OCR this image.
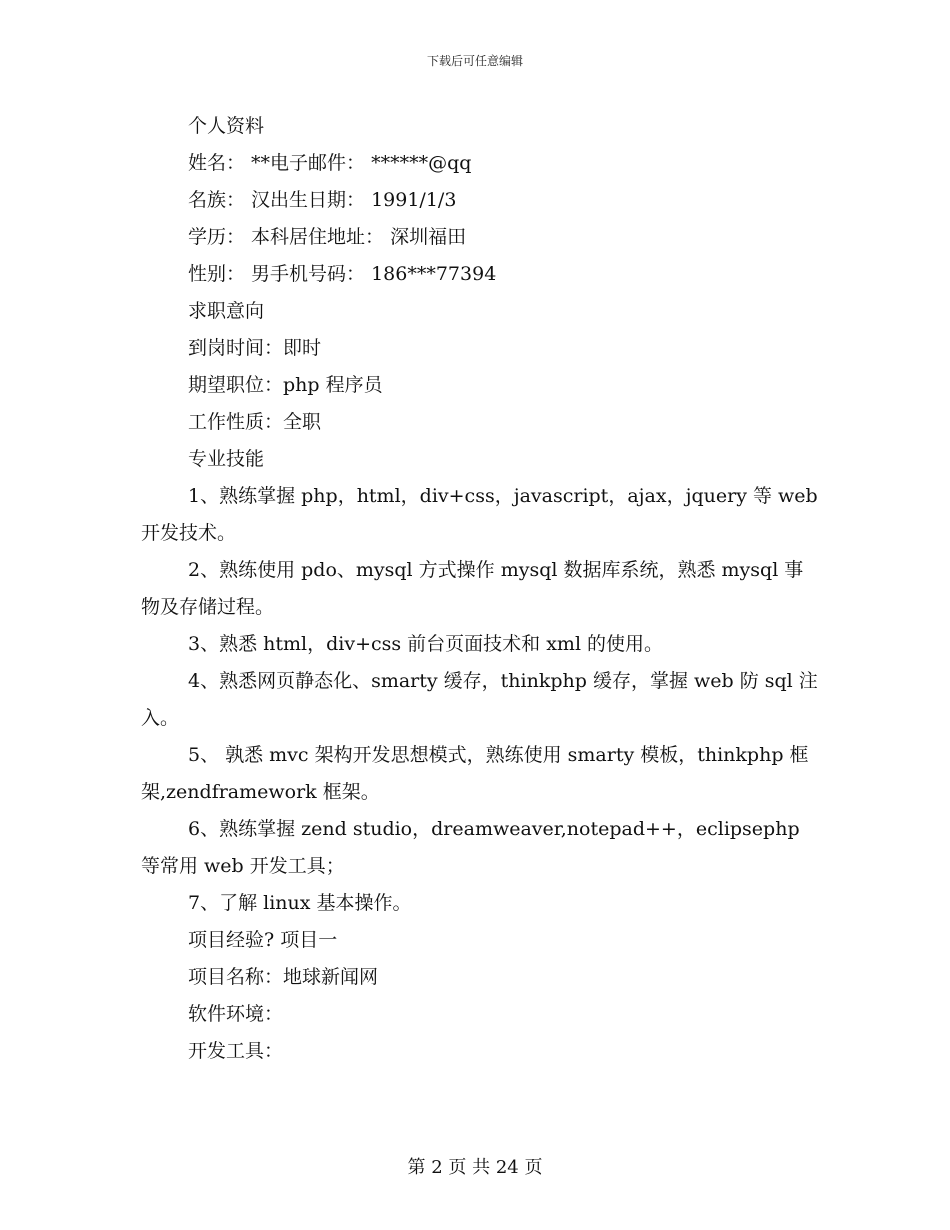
下载后可任意编辑

个人资料

姓名： **电子邮件： ******@qq

名族： 汉出生日期： 1991/1/3

学历： 本科居住地址： 深圳福田

性别： 男手机号码： 186***77394

求职意向

到岗时间：即时

期望职位：php 程序员

工作性质：全职

专业技能

1、熟练掌握 php，html，div+css，javascript，ajax，jquery 等 web 开发技术。

2、熟练使用 pdo、mysql 方式操作 mysql 数据库系统，熟悉 mysql 事物及存储过程。

3、熟悉 html，div+css 前台页面技术和 xml 的使用。

4、熟悉网页静态化、smarty 缓存，thinkphp 缓存，掌握 web 防 sql 注入。

5、 孰悉 mvc 架构开发思想模式，熟练使用 smarty 模板，thinkphp 框架,zendframework 框架。

6、熟练掌握 zend studio，dreamweaver,notepad++，eclipsephp 等常用 web 开发工具；

7、了解 linux 基本操作。

项目经验? 项目一

项目名称：地球新闻网

软件环境：

开发工具：

第 2 页 共 24 页
